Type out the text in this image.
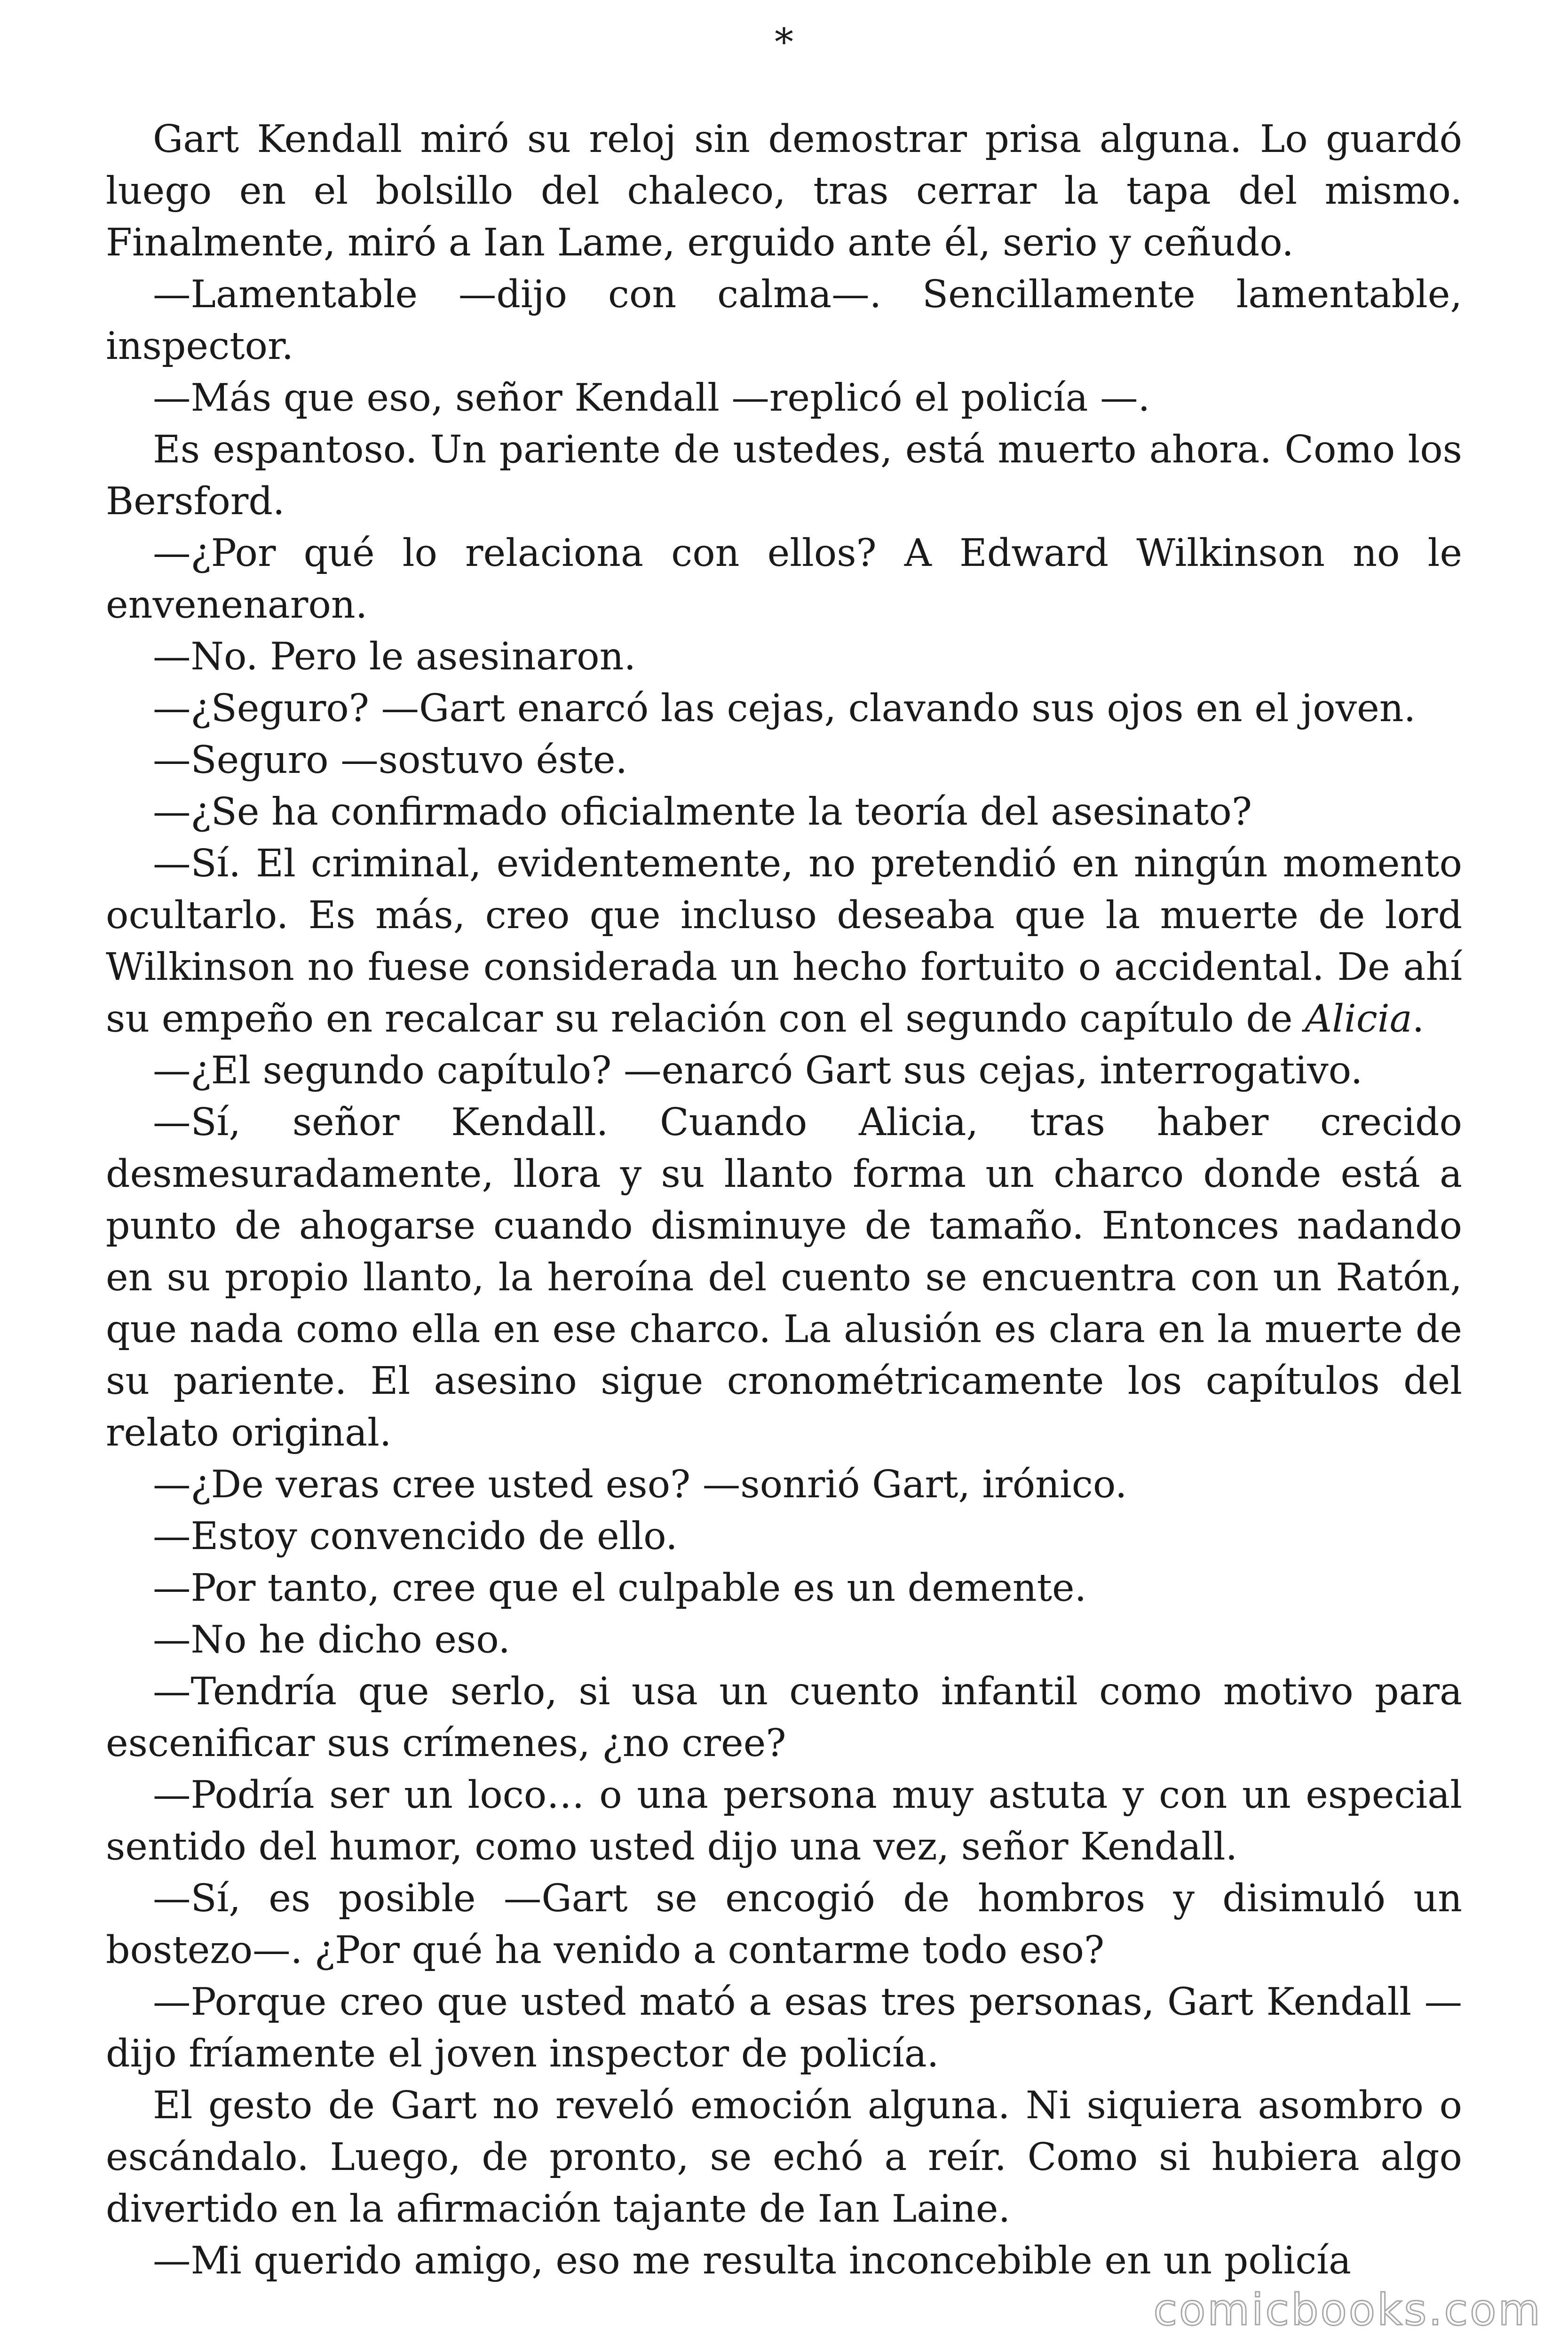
*

Gart Kendall miró su reloj sin demostrar prisa alguna. Lo guardó luego en el bolsillo del chaleco, tras cerrar la tapa del mismo. Finalmente, miró a Ian Lame, erguido ante él, serio y ceñudo.

—Lamentable —dijo con calma—. Sencillamente lamentable, inspector.

—Más que eso, señor Kendall —replicó el policía —.

Es espantoso. Un pariente de ustedes, está muerto ahora. Como los Bersford.

—¿Por qué lo relaciona con ellos? A Edward Wilkinson no le envenenaron.

—No. Pero le asesinaron.

—¿Seguro? —Gart enarcó las cejas, clavando sus ojos en el joven.

—Seguro —sostuvo éste.

—¿Se ha confirmado oficialmente la teoría del asesinato?

—Sí. El criminal, evidentemente, no pretendió en ningún momento ocultarlo. Es más, creo que incluso deseaba que la muerte de lord Wilkinson no fuese considerada un hecho fortuito o accidental. De ahí su empeño en recalcar su relación con el segundo capítulo de Alicia.

—¿El segundo capítulo? —enarcó Gart sus cejas, interrogativo.

—Sí, señor Kendall. Cuando Alicia, tras haber crecido desmesuradamente, llora y su llanto forma un charco donde está a punto de ahogarse cuando disminuye de tamaño. Entonces nadando en su propio llanto, la heroína del cuento se encuentra con un Ratón, que nada como ella en ese charco. La alusión es clara en la muerte de su pariente. El asesino sigue cronométricamente los capítulos del relato original.

—¿De veras cree usted eso? —sonrió Gart, irónico.

—Estoy convencido de ello.

—Por tanto, cree que el culpable es un demente.

—No he dicho eso.

—Tendría que serlo, si usa un cuento infantil como motivo para escenificar sus crímenes, ¿no cree?

—Podría ser un loco… o una persona muy astuta y con un especial sentido del humor, como usted dijo una vez, señor Kendall.

—Sí, es posible —Gart se encogió de hombros y disimuló un bostezo—. ¿Por qué ha venido a contarme todo eso?

—Porque creo que usted mató a esas tres personas, Gart Kendall —dijo fríamente el joven inspector de policía.

El gesto de Gart no reveló emoción alguna. Ni siquiera asombro o escándalo. Luego, de pronto, se echó a reír. Como si hubiera algo divertido en la afirmación tajante de Ian Laine.

—Mi querido amigo, eso me resulta inconcebible en un policía

comicbooks.com
